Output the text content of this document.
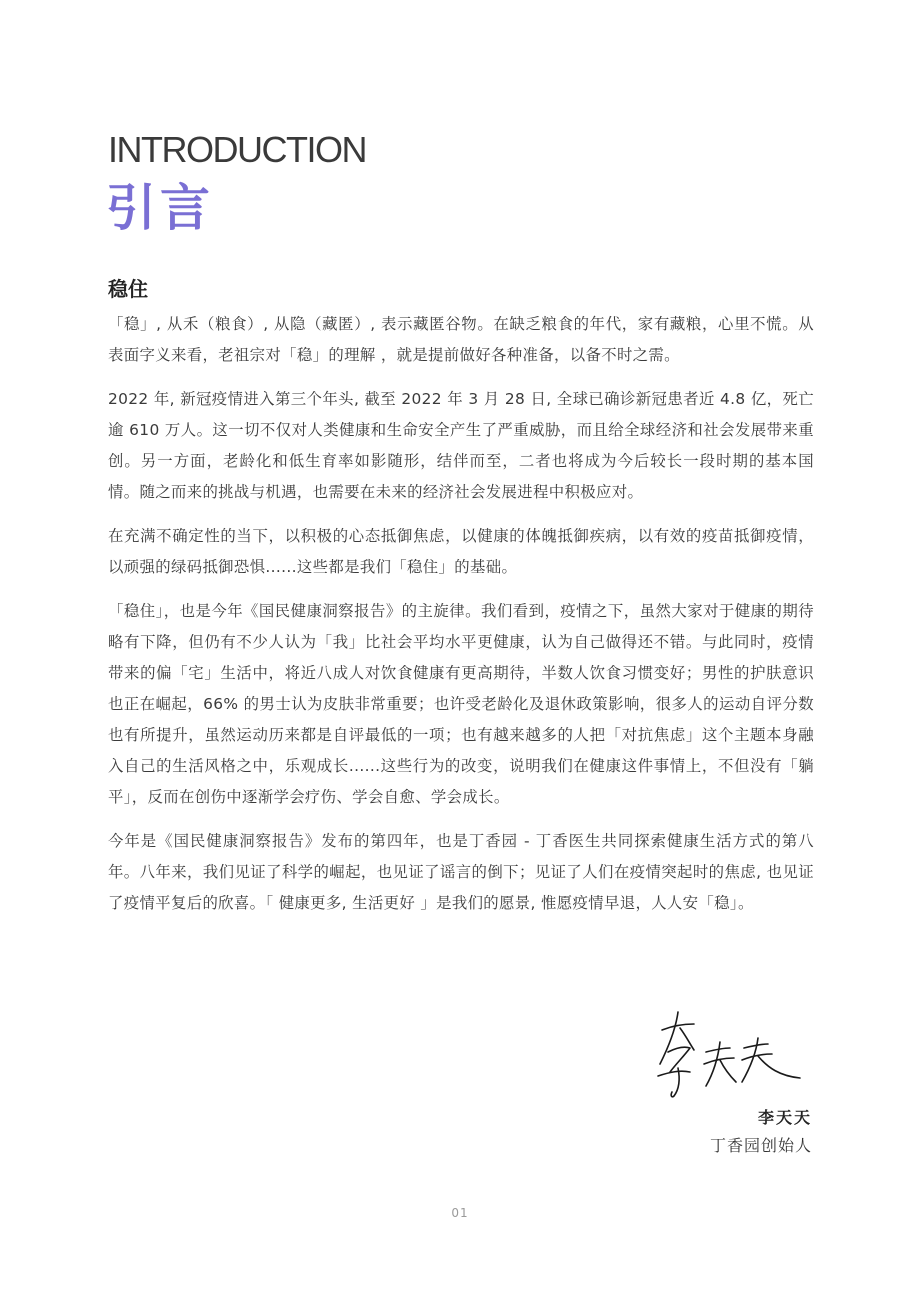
INTRODUCTION
引言
稳住

「稳」, 从禾（粮食）, 从隐（藏匿）, 表示藏匿谷物。在缺乏粮食的年代，家有藏粮，心里不慌。从表面字义来看，老祖宗对「稳」的理解 ，就是提前做好各种准备，以备不时之需。

2022 年, 新冠疫情进入第三个年头, 截至 2022 年 3 月 28 日, 全球已确诊新冠患者近 4.8 亿，死亡逾 610 万人。这一切不仅对人类健康和生命安全产生了严重威胁，而且给全球经济和社会发展带来重创。另一方面，老龄化和低生育率如影随形，结伴而至，二者也将成为今后较长一段时期的基本国情。随之而来的挑战与机遇，也需要在未来的经济社会发展进程中积极应对。

在充满不确定性的当下，以积极的心态抵御焦虑，以健康的体魄抵御疾病，以有效的疫苗抵御疫情，以顽强的绿码抵御恐惧......这些都是我们「稳住」的基础。

「稳住」，也是今年《国民健康洞察报告》的主旋律。我们看到，疫情之下，虽然大家对于健康的期待略有下降，但仍有不少人认为「我」比社会平均水平更健康，认为自己做得还不错。与此同时，疫情带来的偏「宅」生活中，将近八成人对饮食健康有更高期待，半数人饮食习惯变好；男性的护肤意识也正在崛起，66% 的男士认为皮肤非常重要；也许受老龄化及退休政策影响，很多人的运动自评分数也有所提升，虽然运动历来都是自评最低的一项；也有越来越多的人把「对抗焦虑」这个主题本身融入自己的生活风格之中，乐观成长......这些行为的改变，说明我们在健康这件事情上，不但没有「躺平」，反而在创伤中逐渐学会疗伤、学会自愈、学会成长。

今年是《国民健康洞察报告》发布的第四年，也是丁香园 - 丁香医生共同探索健康生活方式的第八年。八年来，我们见证了科学的崛起，也见证了谣言的倒下；见证了人们在疫情突起时的焦虑, 也见证了疫情平复后的欣喜。「 健康更多, 生活更好 」是我们的愿景, 惟愿疫情早退，人人安「稳」。

李天天
丁香园创始人
01
